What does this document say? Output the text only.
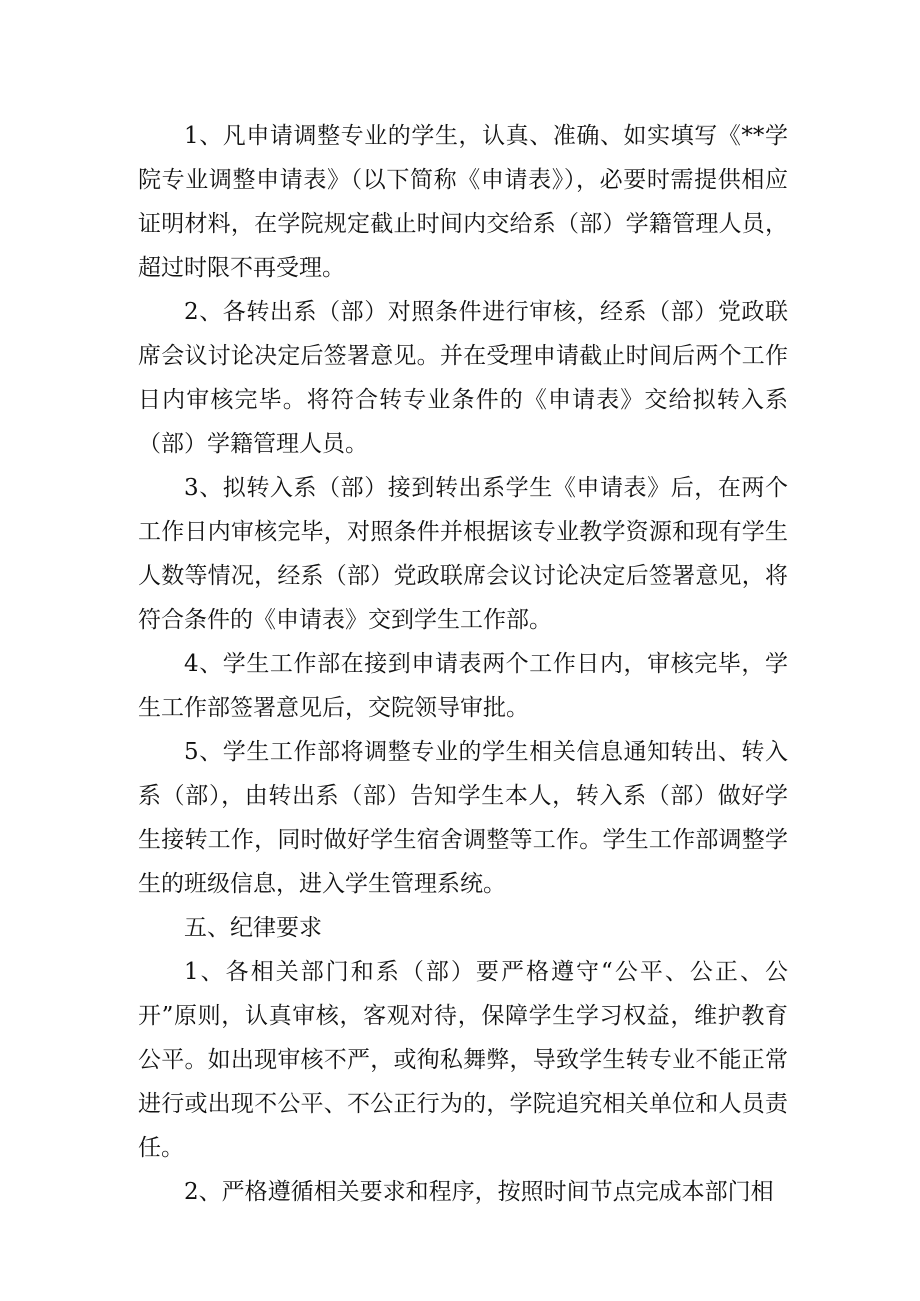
1、凡申请调整专业的学生，认真、准确、如实填写《**学院专业调整申请表》（以下简称《申请表》），必要时需提供相应证明材料，在学院规定截止时间内交给系（部）学籍管理人员，超过时限不再受理。

2、各转出系（部）对照条件进行审核，经系（部）党政联席会议讨论决定后签署意见。并在受理申请截止时间后两个工作日内审核完毕。将符合转专业条件的《申请表》交给拟转入系（部）学籍管理人员。

3、拟转入系（部）接到转出系学生《申请表》后，在两个工作日内审核完毕，对照条件并根据该专业教学资源和现有学生人数等情况，经系（部）党政联席会议讨论决定后签署意见，将符合条件的《申请表》交到学生工作部。

4、学生工作部在接到申请表两个工作日内，审核完毕，学生工作部签署意见后，交院领导审批。

5、学生工作部将调整专业的学生相关信息通知转出、转入系（部），由转出系（部）告知学生本人，转入系（部）做好学生接转工作，同时做好学生宿舍调整等工作。学生工作部调整学生的班级信息，进入学生管理系统。

五、纪律要求

1、各相关部门和系（部）要严格遵守“公平、公正、公开”原则，认真审核，客观对待，保障学生学习权益，维护教育公平。如出现审核不严，或徇私舞弊，导致学生转专业不能正常进行或出现不公平、不公正行为的，学院追究相关单位和人员责任。

2、严格遵循相关要求和程序，按照时间节点完成本部门相
